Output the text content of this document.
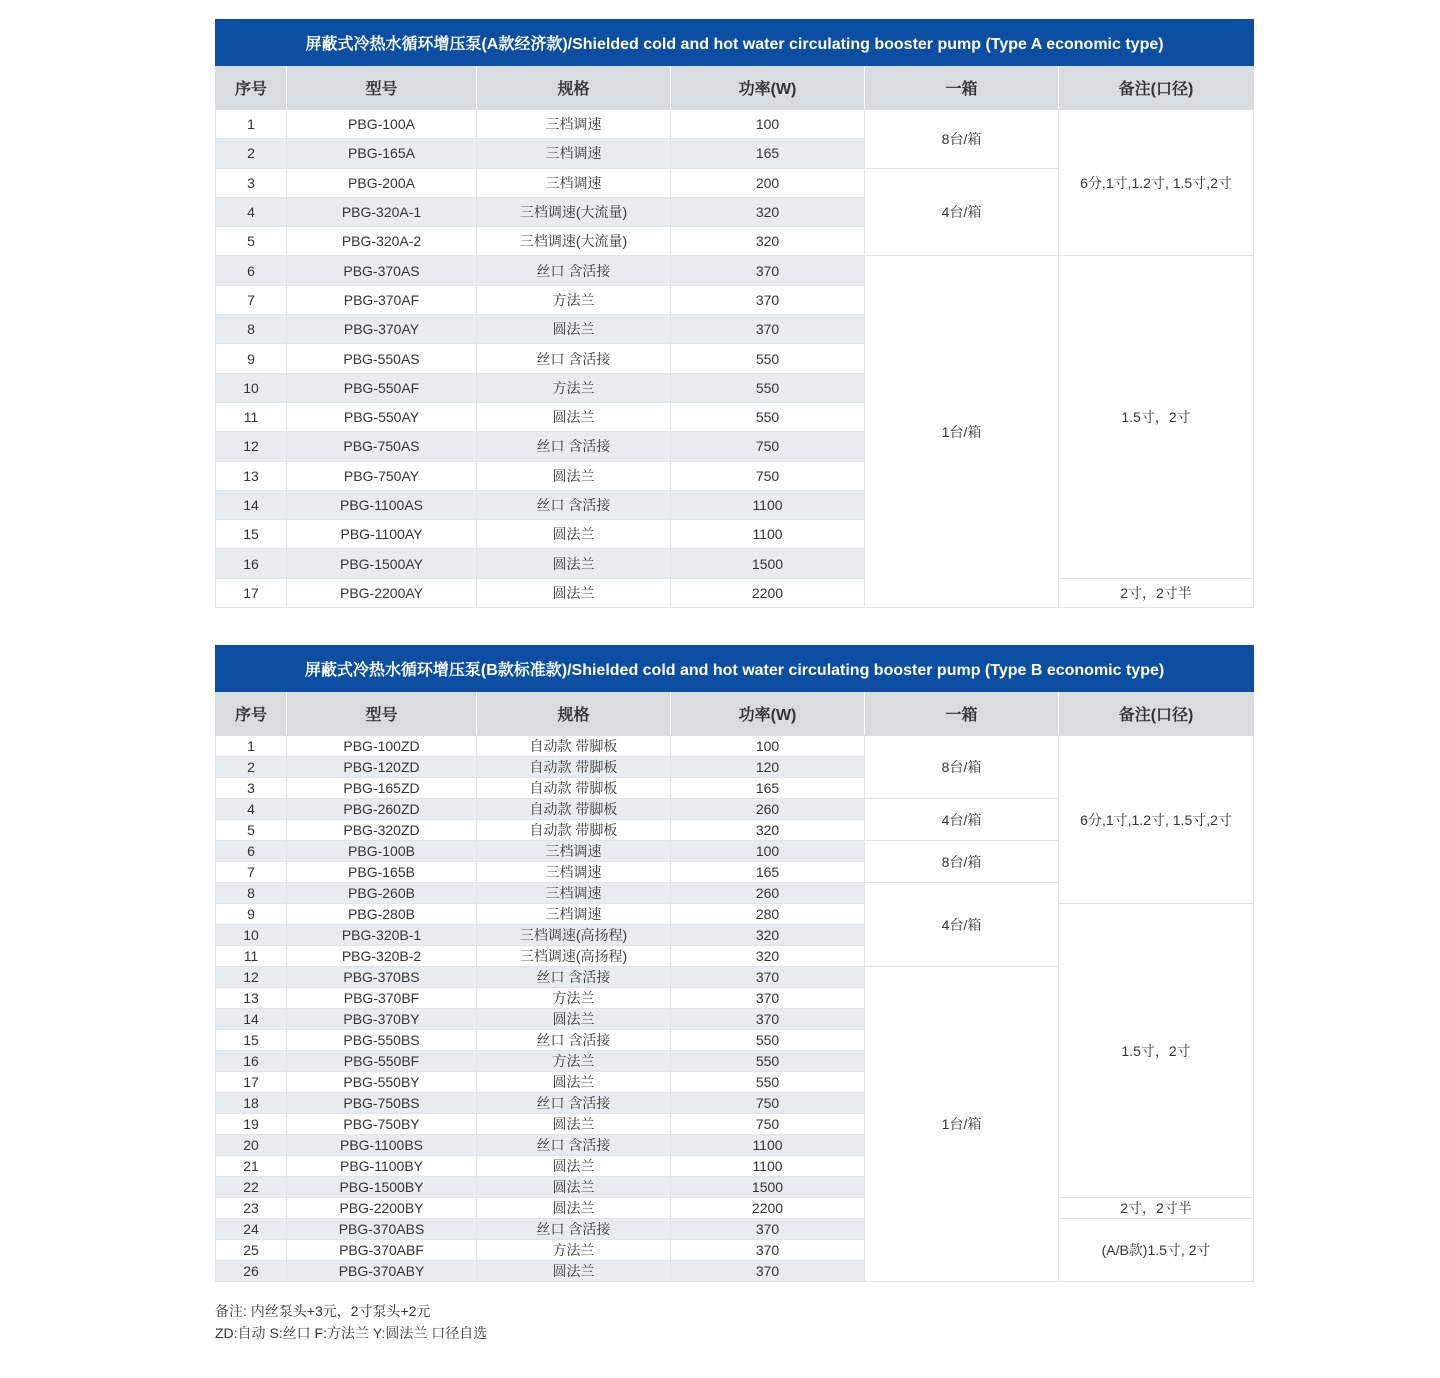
屏蔽式冷热水循环增压泵(A款经济款)/Shielded cold and hot water circulating booster pump (Type A economic type)					
序号	型号	规格	功率(W)	一箱	备注(口径)
1	PBG-100A	三档调速	100	8台/箱	6分,1寸,1.2寸, 1.5寸,2寸
2	PBG-165A	三档调速	165		
3	PBG-200A	三档调速	200	4台/箱	
4	PBG-320A-1	三档调速(大流量)	320		
5	PBG-320A-2	三档调速(大流量)	320		
6	PBG-370AS	丝口 含活接	370	1台/箱	1.5寸，2寸
7	PBG-370AF	方法兰	370		
8	PBG-370AY	圆法兰	370		
9	PBG-550AS	丝口 含活接	550		
10	PBG-550AF	方法兰	550		
11	PBG-550AY	圆法兰	550		
12	PBG-750AS	丝口 含活接	750		
13	PBG-750AY	圆法兰	750		
14	PBG-1100AS	丝口 含活接	1100		
15	PBG-1100AY	圆法兰	1100		
16	PBG-1500AY	圆法兰	1500		
17	PBG-2200AY	圆法兰	2200		2寸，2寸半
屏蔽式冷热水循环增压泵(B款标准款)/Shielded cold and hot water circulating booster pump (Type B economic type)					
序号	型号	规格	功率(W)	一箱	备注(口径)
1	PBG-100ZD	自动款 带脚板	100	8台/箱	6分,1寸,1.2寸, 1.5寸,2寸
2	PBG-120ZD	自动款 带脚板	120		
3	PBG-165ZD	自动款 带脚板	165		
4	PBG-260ZD	自动款 带脚板	260	4台/箱	
5	PBG-320ZD	自动款 带脚板	320		
6	PBG-100B	三档调速	100	8台/箱	
7	PBG-165B	三档调速	165		
8	PBG-260B	三档调速	260	4台/箱	
9	PBG-280B	三档调速	280		1.5寸，2寸
10	PBG-320B-1	三档调速(高扬程)	320		
11	PBG-320B-2	三档调速(高扬程)	320		
12	PBG-370BS	丝口 含活接	370	1台/箱	
13	PBG-370BF	方法兰	370		
14	PBG-370BY	圆法兰	370		
15	PBG-550BS	丝口 含活接	550		
16	PBG-550BF	方法兰	550		
17	PBG-550BY	圆法兰	550		
18	PBG-750BS	丝口 含活接	750		
19	PBG-750BY	圆法兰	750		
20	PBG-1100BS	丝口 含活接	1100		
21	PBG-1100BY	圆法兰	1100		
22	PBG-1500BY	圆法兰	1500		
23	PBG-2200BY	圆法兰	2200		2寸，2寸半
24	PBG-370ABS	丝口 含活接	370		(A/B款)1.5寸, 2寸
25	PBG-370ABF	方法兰	370		
26	PBG-370ABY	圆法兰	370		
备注: 内丝泵头+3元，2寸泵头+2元
ZD:自动 S:丝口 F:方法兰 Y:圆法兰 口径自选
